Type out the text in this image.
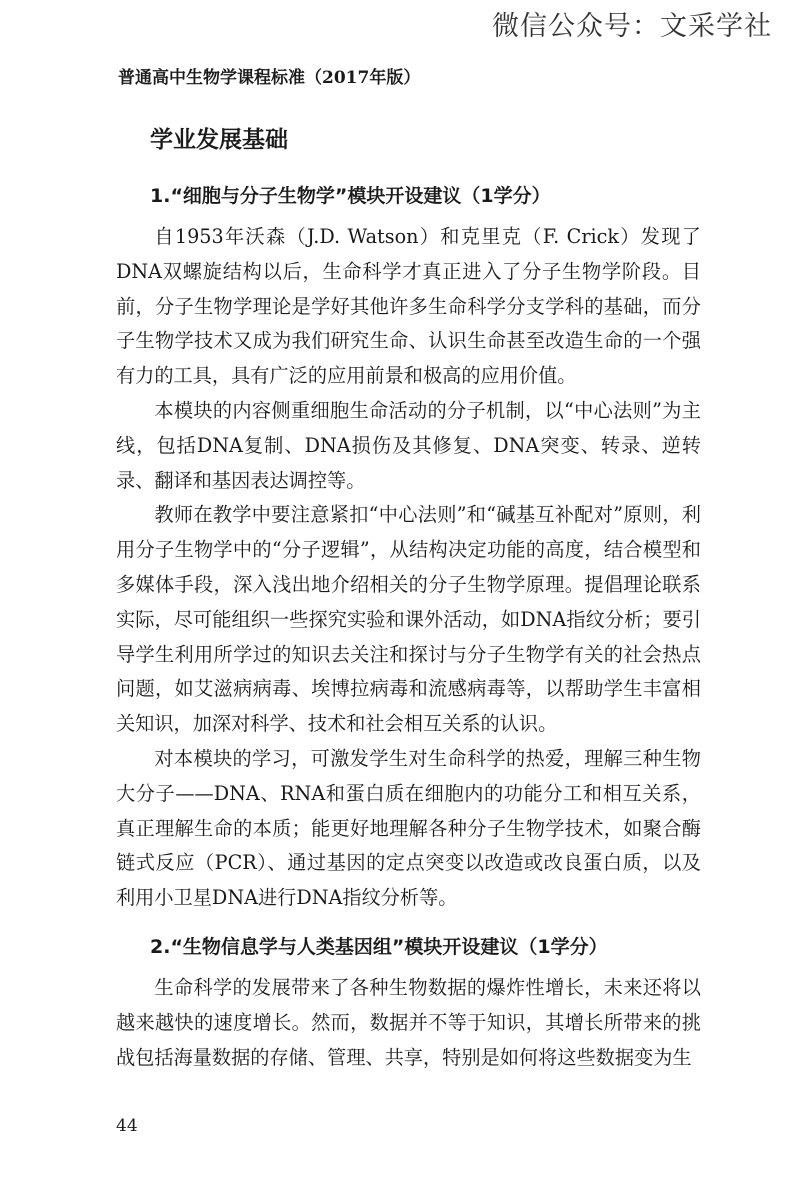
微信公众号：文采学社
普通高中生物学课程标准（2017年版）
学业发展基础
1.“细胞与分子生物学”模块开设建议（1学分）

自1953年沃森（J.D. Watson）和克里克（F. Crick）发现了DNA双螺旋结构以后，生命科学才真正进入了分子生物学阶段。目前，分子生物学理论是学好其他许多生命科学分支学科的基础，而分子生物学技术又成为我们研究生命、认识生命甚至改造生命的一个强有力的工具，具有广泛的应用前景和极高的应用价值。

本模块的内容侧重细胞生命活动的分子机制，以“中心法则”为主线，包括DNA复制、DNA损伤及其修复、DNA突变、转录、逆转录、翻译和基因表达调控等。

教师在教学中要注意紧扣“中心法则”和“碱基互补配对”原则，利用分子生物学中的“分子逻辑”，从结构决定功能的高度，结合模型和多媒体手段，深入浅出地介绍相关的分子生物学原理。提倡理论联系实际，尽可能组织一些探究实验和课外活动，如DNA指纹分析；要引导学生利用所学过的知识去关注和探讨与分子生物学有关的社会热点问题，如艾滋病病毒、埃博拉病毒和流感病毒等，以帮助学生丰富相关知识，加深对科学、技术和社会相互关系的认识。

对本模块的学习，可激发学生对生命科学的热爱，理解三种生物大分子——DNA、RNA和蛋白质在细胞内的功能分工和相互关系，真正理解生命的本质；能更好地理解各种分子生物学技术，如聚合酶链式反应（PCR）、通过基因的定点突变以改造或改良蛋白质，以及利用小卫星DNA进行DNA指纹分析等。

2.“生物信息学与人类基因组”模块开设建议（1学分）

生命科学的发展带来了各种生物数据的爆炸性增长，未来还将以越来越快的速度增长。然而，数据并不等于知识，其增长所带来的挑战包括海量数据的存储、管理、共享，特别是如何将这些数据变为生

44
